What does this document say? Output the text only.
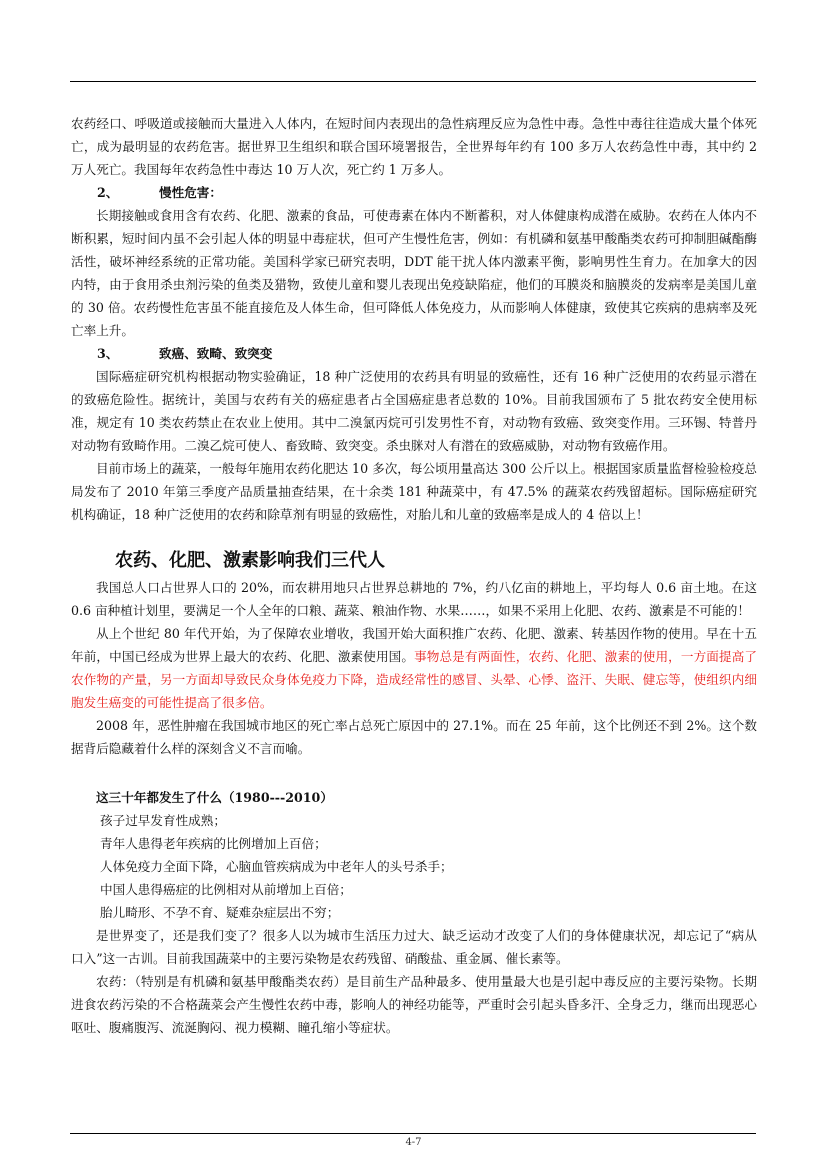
农药经口、呼吸道或接触而大量进入人体内，在短时间内表现出的急性病理反应为急性中毒。急性中毒往往造成大量个体死亡，成为最明显的农药危害。据世界卫生组织和联合国环境署报告，全世界每年约有 100 多万人农药急性中毒，其中约 2 万人死亡。我国每年农药急性中毒达 10 万人次，死亡约 1 万多人。

2、	慢性危害：

长期接触或食用含有农药、化肥、激素的食品，可使毒素在体内不断蓄积，对人体健康构成潜在威胁。农药在人体内不断积累，短时间内虽不会引起人体的明显中毒症状，但可产生慢性危害，例如：有机磷和氨基甲酸酯类农药可抑制胆碱酯酶活性，破坏神经系统的正常功能。美国科学家已研究表明，DDT 能干扰人体内激素平衡，影响男性生育力。在加拿大的因内特，由于食用杀虫剂污染的鱼类及猎物，致使儿童和婴儿表现出免疫缺陷症，他们的耳膜炎和脑膜炎的发病率是美国儿童的 30 倍。农药慢性危害虽不能直接危及人体生命，但可降低人体免疫力，从而影响人体健康，致使其它疾病的患病率及死亡率上升。

3、	致癌、致畸、致突变

国际癌症研究机构根据动物实验确证，18 种广泛使用的农药具有明显的致癌性，还有 16 种广泛使用的农药显示潜在的致癌危险性。据统计，美国与农药有关的癌症患者占全国癌症患者总数的 10%。目前我国颁布了 5 批农药安全使用标准，规定有 10 类农药禁止在农业上使用。其中二溴氯丙烷可引发男性不育，对动物有致癌、致突变作用。三环锡、特普丹对动物有致畸作用。二溴乙烷可使人、畜致畸、致突变。杀虫脒对人有潜在的致癌威胁，对动物有致癌作用。

目前市场上的蔬菜，一般每年施用农药化肥达 10 多次，每公顷用量高达 300 公斤以上。根据国家质量监督检验检疫总局发布了 2010 年第三季度产品质量抽查结果，在十余类 181 种蔬菜中，有 47.5% 的蔬菜农药残留超标。国际癌症研究机构确证，18 种广泛使用的农药和除草剂有明显的致癌性，对胎儿和儿童的致癌率是成人的 4 倍以上！

农药、化肥、激素影响我们三代人

我国总人口占世界人口的 20%，而农耕用地只占世界总耕地的 7%，约八亿亩的耕地上，平均每人 0.6 亩土地。在这 0.6 亩种植计划里，要满足一个人全年的口粮、蔬菜、粮油作物、水果……，如果不采用上化肥、农药、激素是不可能的！

从上个世纪 80 年代开始，为了保障农业增收，我国开始大面积推广农药、化肥、激素、转基因作物的使用。早在十五年前，中国已经成为世界上最大的农药、化肥、激素使用国。事物总是有两面性，农药、化肥、激素的使用，一方面提高了农作物的产量，另一方面却导致民众身体免疫力下降，造成经常性的感冒、头晕、心悸、盗汗、失眠、健忘等，使组织内细胞发生癌变的可能性提高了很多倍。

2008 年，恶性肿瘤在我国城市地区的死亡率占总死亡原因中的 27.1%。而在 25 年前，这个比例还不到 2%。这个数据背后隐藏着什么样的深刻含义不言而喻。

这三十年都发生了什么（1980---2010）

孩子过早发育性成熟；

青年人患得老年疾病的比例增加上百倍；

人体免疫力全面下降，心脑血管疾病成为中老年人的头号杀手；

中国人患得癌症的比例相对从前增加上百倍；

胎儿畸形、不孕不育、疑难杂症层出不穷；

是世界变了，还是我们变了？很多人以为城市生活压力过大、缺乏运动才改变了人们的身体健康状况，却忘记了“病从口入”这一古训。目前我国蔬菜中的主要污染物是农药残留、硝酸盐、重金属、催长素等。

农药：（特别是有机磷和氨基甲酸酯类农药）是目前生产品种最多、使用量最大也是引起中毒反应的主要污染物。长期进食农药污染的不合格蔬菜会产生慢性农药中毒，影响人的神经功能等，严重时会引起头昏多汗、全身乏力，继而出现恶心呕吐、腹痛腹泻、流涎胸闷、视力模糊、瞳孔缩小等症状。

4-7
